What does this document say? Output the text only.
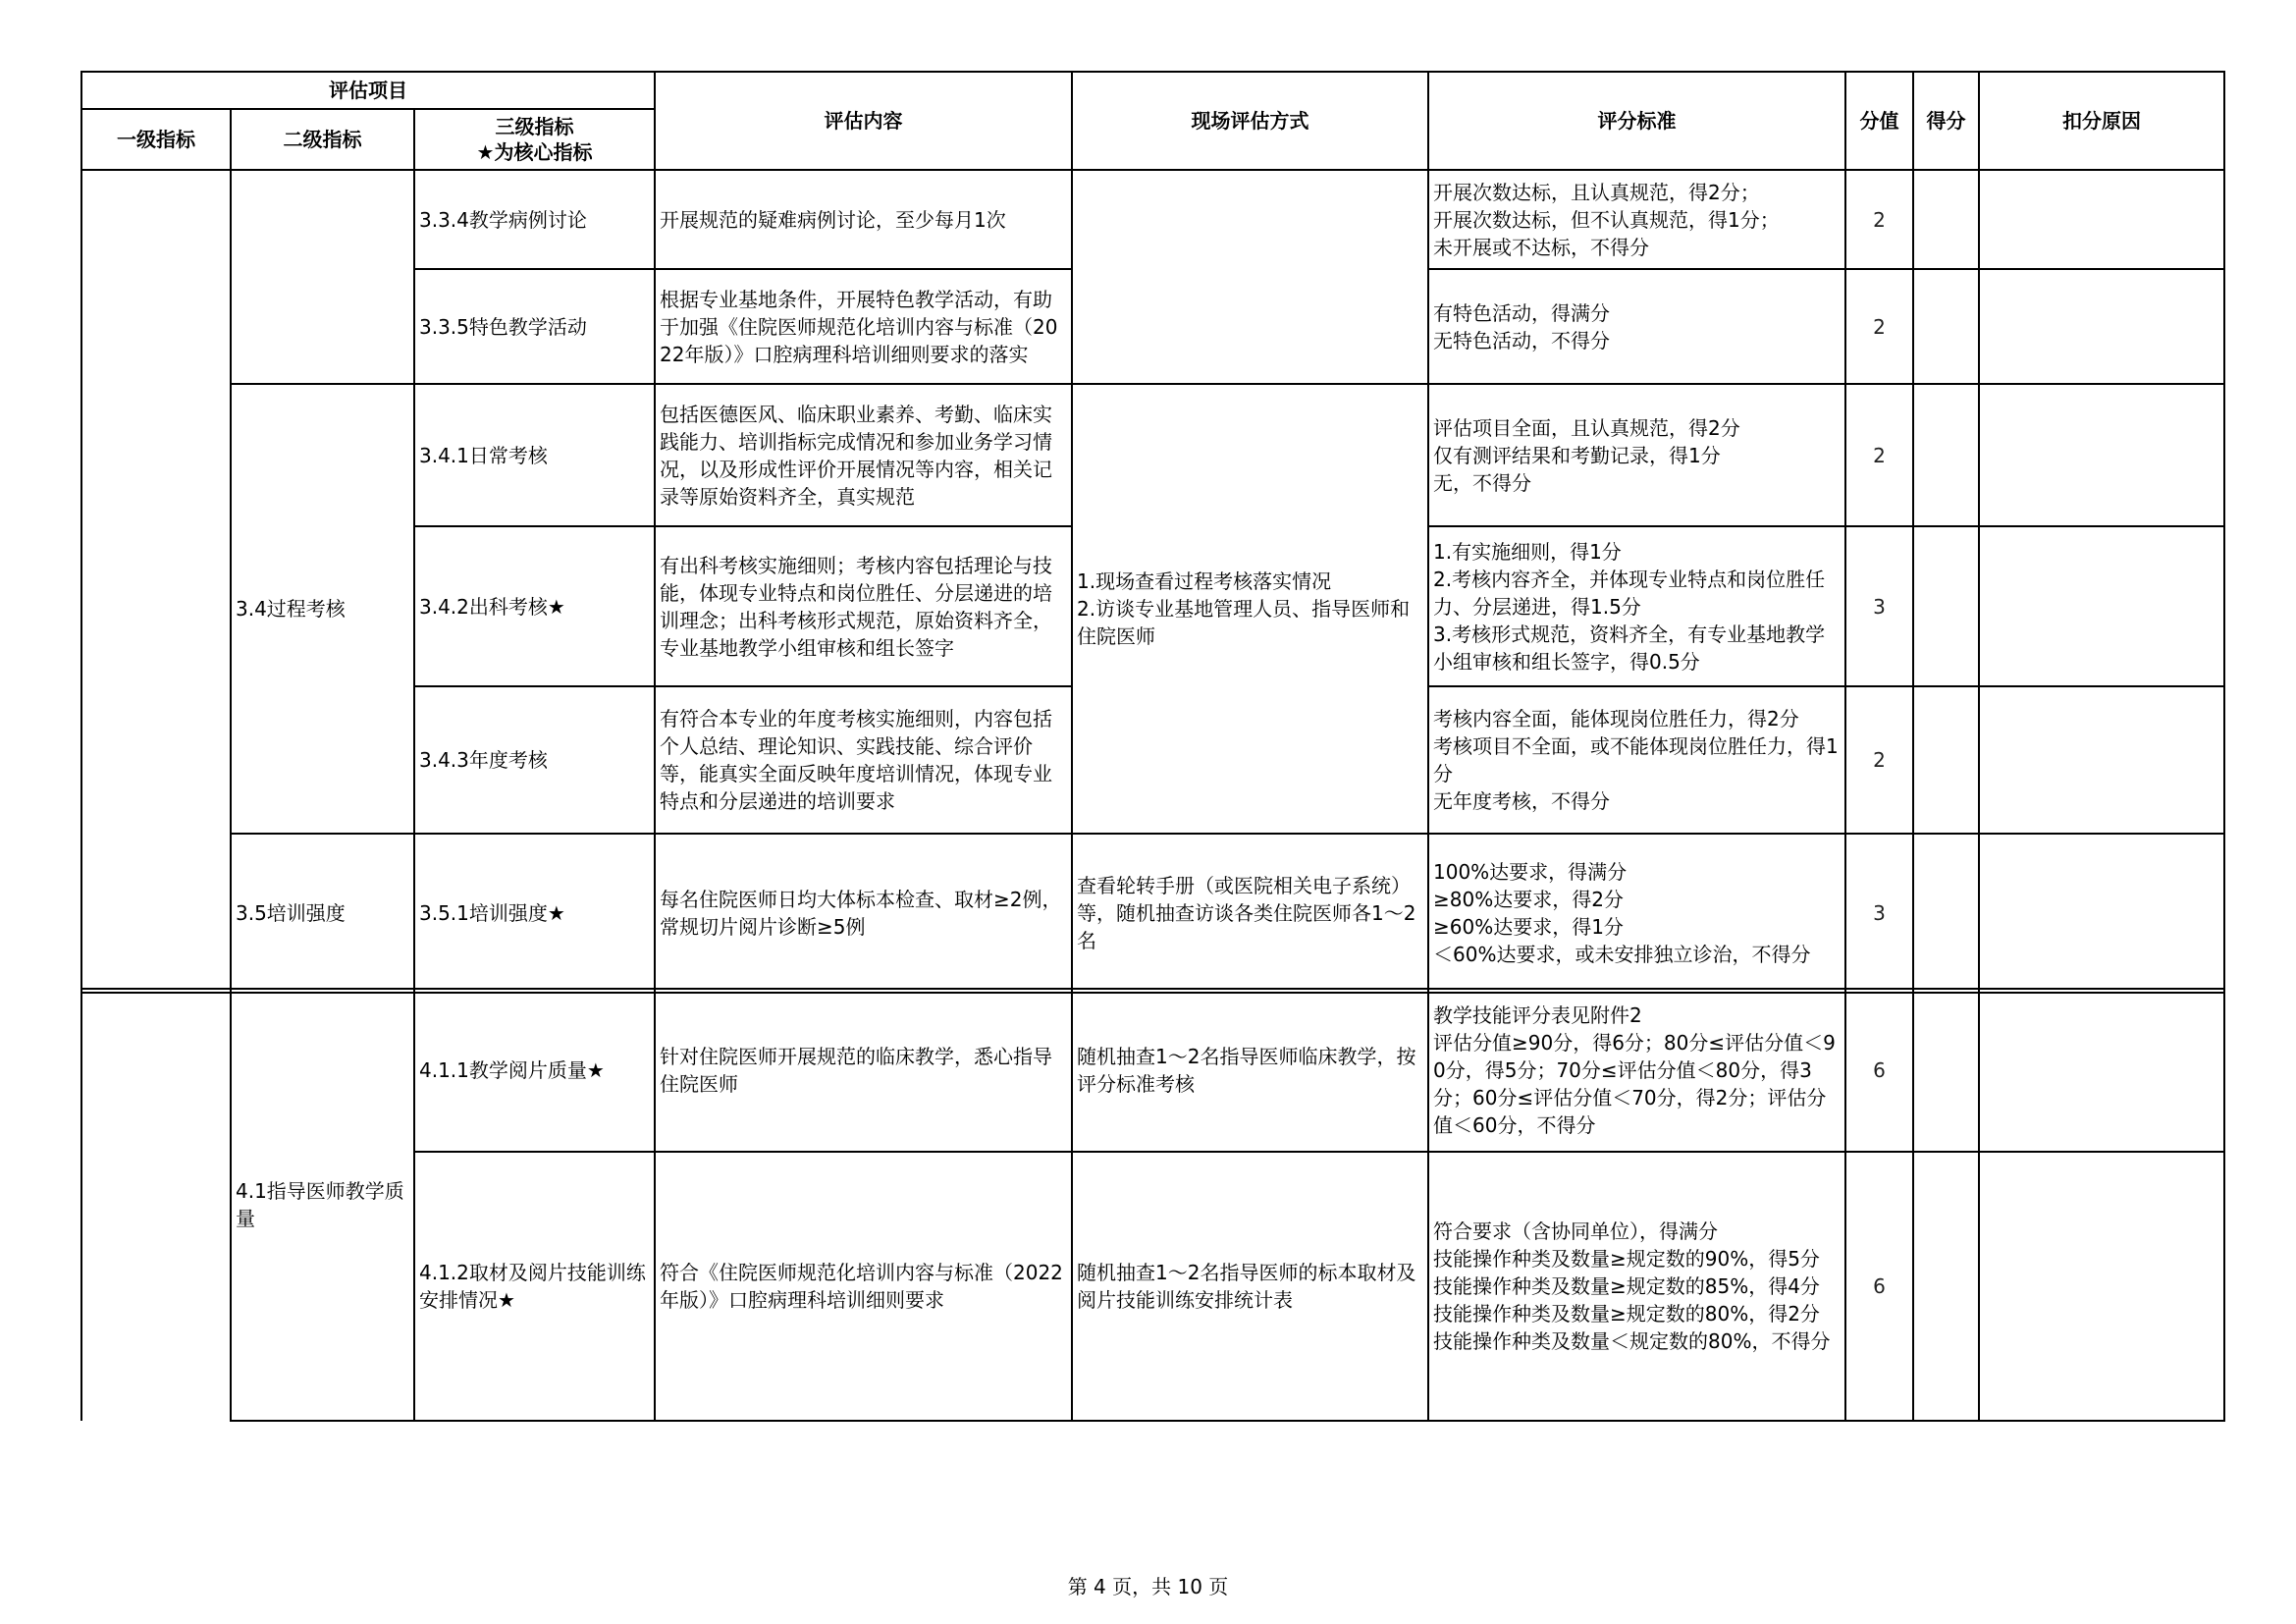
评估项目			评估内容	现场评估方式	评分标准	分值	得分	扣分原因
一级指标	二级指标	三级指标
★为核心指标						
		3.3.4教学病例讨论	开展规范的疑难病例讨论，至少每月1次		开展次数达标，且认真规范，得2分；
开展次数达标，但不认真规范，得1分；
未开展或不达标，不得分	2		
		3.3.5特色教学活动	根据专业基地条件，开展特色教学活动，有助于加强《住院医师规范化培训内容与标准（2022年版）》口腔病理科培训细则要求的落实		有特色活动，得满分
无特色活动，不得分	2		
	3.4过程考核	3.4.1日常考核	包括医德医风、临床职业素养、考勤、临床实践能力、培训指标完成情况和参加业务学习情况，以及形成性评价开展情况等内容，相关记录等原始资料齐全，真实规范	1.现场查看过程考核落实情况
2.访谈专业基地管理人员、指导医师和住院医师	评估项目全面，且认真规范，得2分
仅有测评结果和考勤记录，得1分
无，不得分	2		
		3.4.2出科考核★	有出科考核实施细则；考核内容包括理论与技能，体现专业特点和岗位胜任、分层递进的培训理念；出科考核形式规范，原始资料齐全，专业基地教学小组审核和组长签字		1.有实施细则，得1分
2.考核内容齐全，并体现专业特点和岗位胜任力、分层递进，得1.5分
3.考核形式规范，资料齐全，有专业基地教学小组审核和组长签字，得0.5分	3		
		3.4.3年度考核	有符合本专业的年度考核实施细则，内容包括个人总结、理论知识、实践技能、综合评价等，能真实全面反映年度培训情况，体现专业特点和分层递进的培训要求		考核内容全面，能体现岗位胜任力，得2分
考核项目不全面，或不能体现岗位胜任力，得1分
无年度考核，不得分	2		
	3.5培训强度	3.5.1培训强度★	每名住院医师日均大体标本检查、取材≥2例，常规切片阅片诊断≥5例	查看轮转手册（或医院相关电子系统）等，随机抽查访谈各类住院医师各1～2名	100%达要求，得满分
≥80%达要求，得2分
≥60%达要求，得1分
＜60%达要求，或未安排独立诊治，不得分	3		
	4.1指导医师教学质量	4.1.1教学阅片质量★	针对住院医师开展规范的临床教学，悉心指导住院医师	随机抽查1～2名指导医师临床教学，按评分标准考核	教学技能评分表见附件2
评估分值≥90分，得6分；80分≤评估分值＜90分，得5分；70分≤评估分值＜80分，得3分；60分≤评估分值＜70分，得2分；评估分值＜60分，不得分	6		
		4.1.2取材及阅片技能训练安排情况★	符合《住院医师规范化培训内容与标准（2022年版）》口腔病理科培训细则要求	随机抽查1～2名指导医师的标本取材及阅片技能训练安排统计表	符合要求（含协同单位），得满分
技能操作种类及数量≥规定数的90%，得5分
技能操作种类及数量≥规定数的85%，得4分
技能操作种类及数量≥规定数的80%，得2分
技能操作种类及数量＜规定数的80%，不得分	6		
第 4 页，共 10 页
